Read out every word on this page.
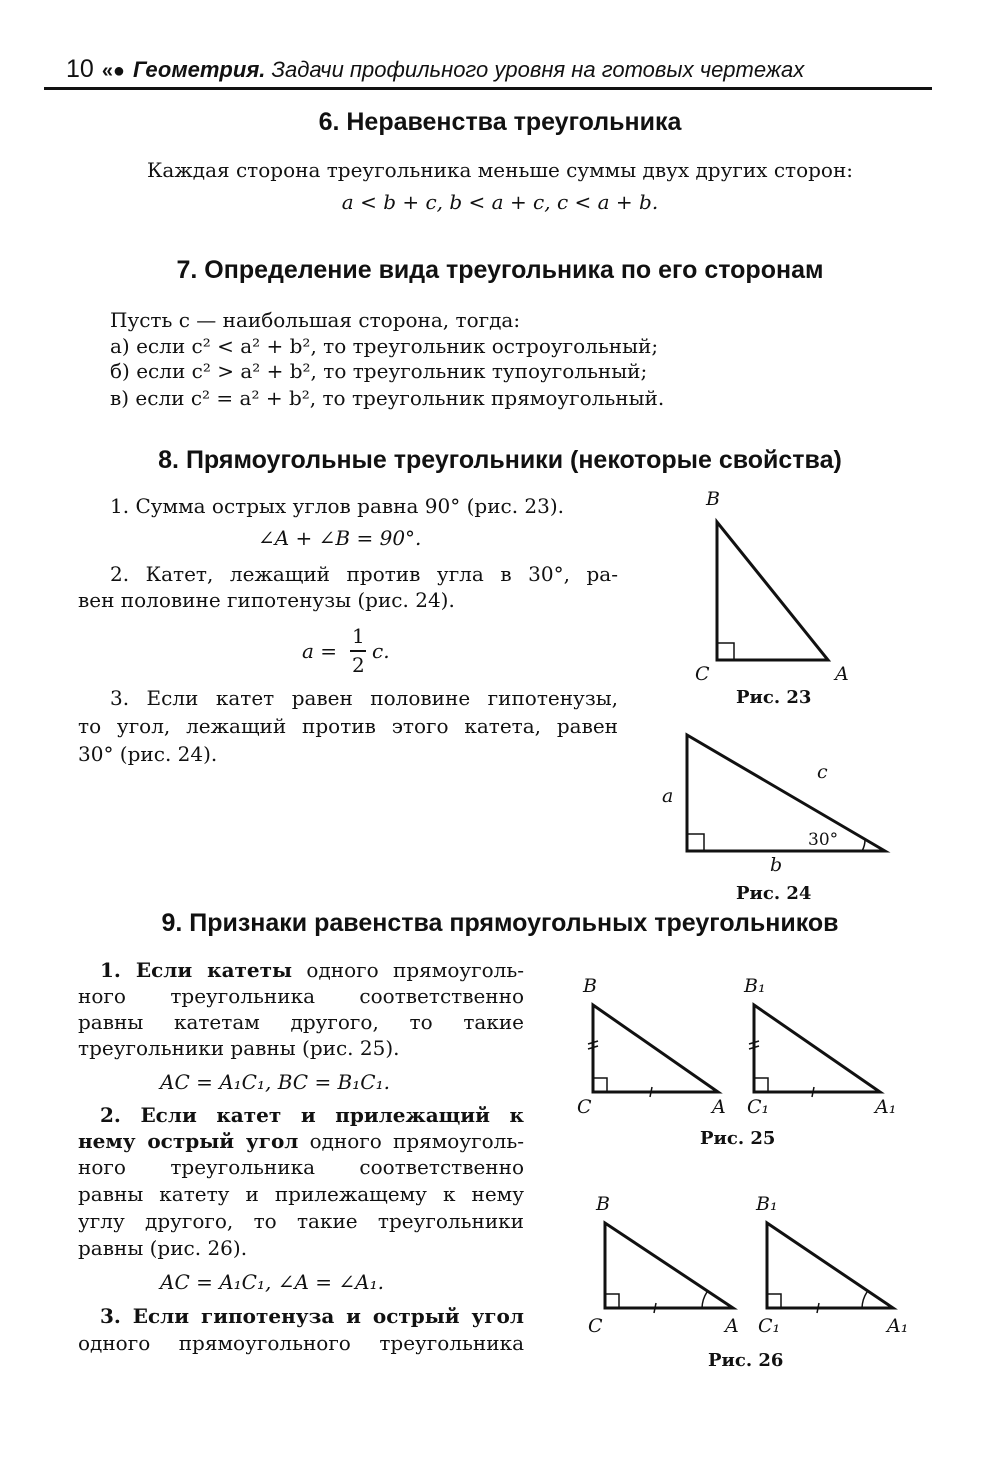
10 «● Геометрия. Задачи профильного уровня на готовых чертежах
6. Неравенства треугольника
Каждая сторона треугольника меньше суммы двух других сторон:
a < b + c, b < a + c, c < a + b.
7. Определение вида треугольника по его сторонам
Пусть c — наибольшая сторона, тогда:
а) если c² < a² + b², то треугольник остроугольный;
б) если c² > a² + b², то треугольник тупоугольный;
в) если c² = a² + b², то треугольник прямоугольный.
8. Прямоугольные треугольники (некоторые свойства)
1. Сумма острых углов равна 90° (рис. 23).
∠A + ∠B = 90°.
2. Катет, лежащий против угла в 30°, ра-
вен половине гипотенузы (рис. 24).
a =
1
2
c.
3. Если катет равен половине гипотенузы,
то угол, лежащий против этого катета, равен
30° (рис. 24).
9. Признаки равенства прямоугольных треугольников
1. Если катеты одного прямоуголь-
ного треугольника соответственно
равны катетам другого, то такие
треугольники равны (рис. 25).
AC = A₁C₁, BC = B₁C₁.
2. Если катет и прилежащий к
нему острый угол одного прямоуголь-
ного треугольника соответственно
равны катету и прилежащему к нему
углу другого, то такие треугольники
равны (рис. 26).
AC = A₁C₁, ∠A = ∠A₁.
3. Если гипотенуза и острый угол
одного прямоугольного треугольника
B
C	A
Рис. 23
a
c
30°
b
Рис. 24
B
C	A
B₁
C₁	A₁
Рис. 25
B
C	A
B₁
C₁	A₁
Рис. 26
